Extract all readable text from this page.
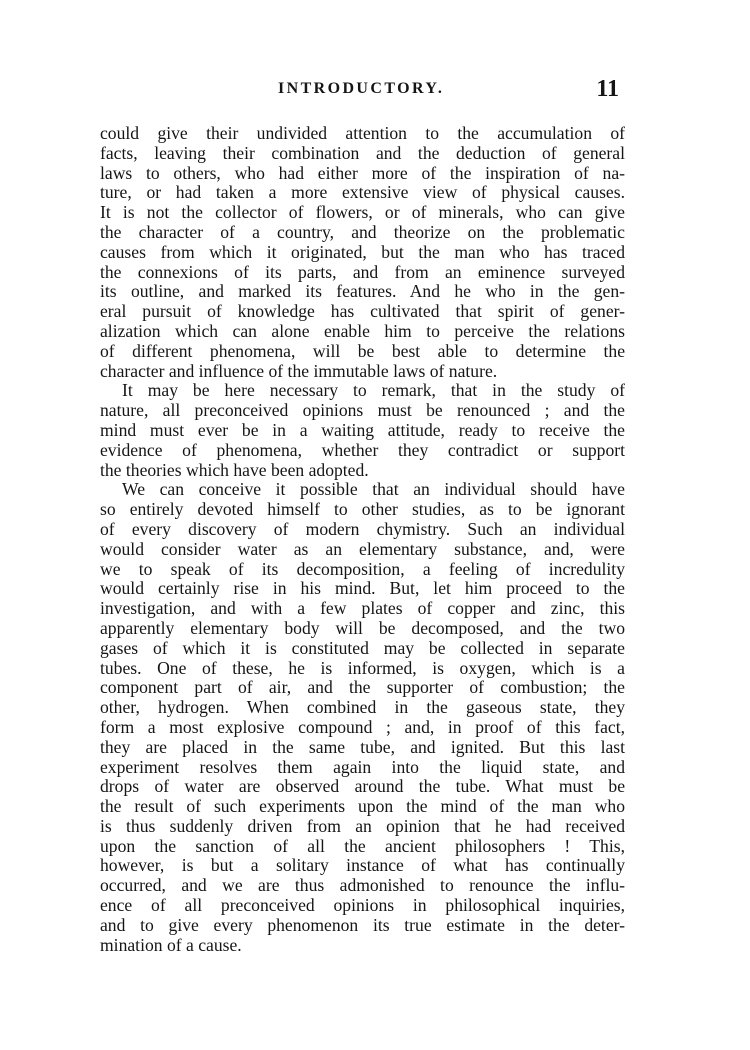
INTRODUCTORY.	11

could give their undivided attention to the accumulation of
facts, leaving their combination and the deduction of general
laws to others, who had either more of the inspiration of na-
ture, or had taken a more extensive view of physical causes.
It is not the collector of flowers, or of minerals, who can give
the character of a country, and theorize on the problematic
causes from which it originated, but the man who has traced
the connexions of its parts, and from an eminence surveyed
its outline, and marked its features. And he who in the gen-
eral pursuit of knowledge has cultivated that spirit of gener-
alization which can alone enable him to perceive the relations
of different phenomena, will be best able to determine the
character and influence of the immutable laws of nature.

It may be here necessary to remark, that in the study of
nature, all preconceived opinions must be renounced ; and the
mind must ever be in a waiting attitude, ready to receive the
evidence of phenomena, whether they contradict or support
the theories which have been adopted.

We can conceive it possible that an individual should have
so entirely devoted himself to other studies, as to be ignorant
of every discovery of modern chymistry. Such an individual
would consider water as an elementary substance, and, were
we to speak of its decomposition, a feeling of incredulity
would certainly rise in his mind. But, let him proceed to the
investigation, and with a few plates of copper and zinc, this
apparently elementary body will be decomposed, and the two
gases of which it is constituted may be collected in separate
tubes. One of these, he is informed, is oxygen, which is a
component part of air, and the supporter of combustion; the
other, hydrogen. When combined in the gaseous state, they
form a most explosive compound ; and, in proof of this fact,
they are placed in the same tube, and ignited. But this last
experiment resolves them again into the liquid state, and
drops of water are observed around the tube. What must be
the result of such experiments upon the mind of the man who
is thus suddenly driven from an opinion that he had received
upon the sanction of all the ancient philosophers ! This,
however, is but a solitary instance of what has continually
occurred, and we are thus admonished to renounce the influ-
ence of all preconceived opinions in philosophical inquiries,
and to give every phenomenon its true estimate in the deter-
mination of a cause.
